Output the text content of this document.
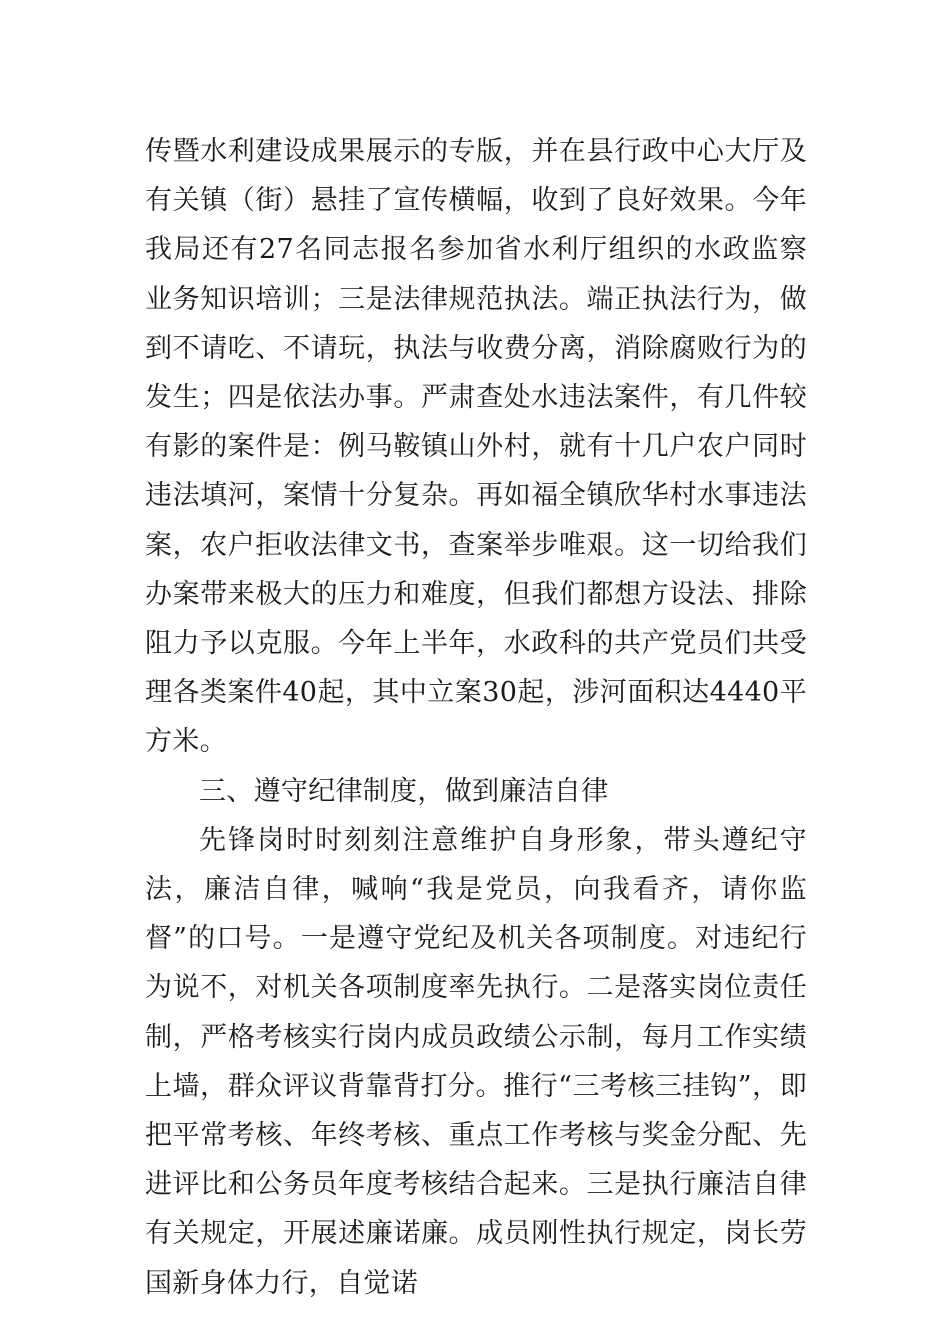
传暨水利建设成果展示的专版，并在县行政中心大厅及有关镇（街）悬挂了宣传横幅，收到了良好效果。今年我局还有27名同志报名参加省水利厅组织的水政监察业务知识培训；三是法律规范执法。端正执法行为，做到不请吃、不请玩，执法与收费分离，消除腐败行为的发生；四是依法办事。严肃查处水违法案件，有几件较有影的案件是：例马鞍镇山外村，就有十几户农户同时违法填河，案情十分复杂。再如福全镇欣华村水事违法案，农户拒收法律文书，查案举步唯艰。这一切给我们办案带来极大的压力和难度，但我们都想方设法、排除阻力予以克服。今年上半年，水政科的共产党员们共受理各类案件40起，其中立案30起，涉河面积达4440平方米。

三、遵守纪律制度，做到廉洁自律

先锋岗时时刻刻注意维护自身形象，带头遵纪守法，廉洁自律，喊响“我是党员，向我看齐，请你监督”的口号。一是遵守党纪及机关各项制度。对违纪行为说不，对机关各项制度率先执行。二是落实岗位责任制，严格考核实行岗内成员政绩公示制，每月工作实绩上墙，群众评议背靠背打分。推行“三考核三挂钩”，即把平常考核、年终考核、重点工作考核与奖金分配、先进评比和公务员年度考核结合起来。三是执行廉洁自律有关规定，开展述廉诺廉。成员刚性执行规定，岗长劳国新身体力行，自觉诺
